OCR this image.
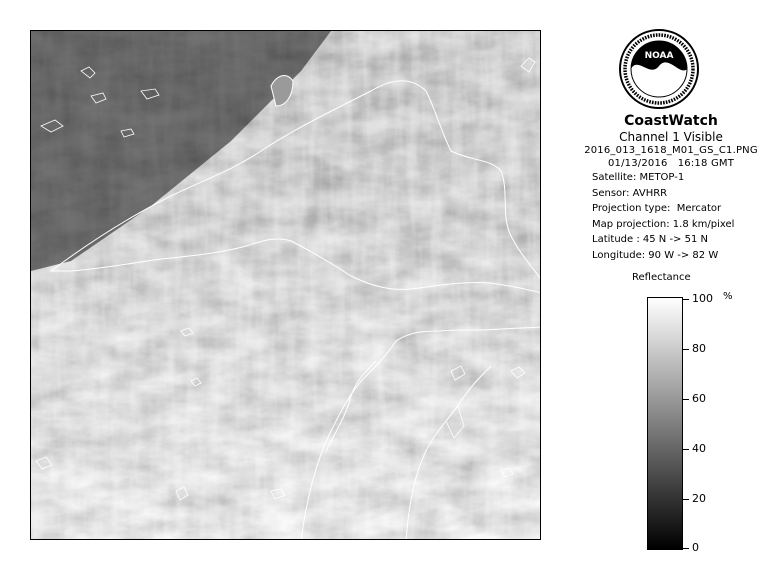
NOAA
CoastWatch
Channel 1 Visible
2016_013_1618_M01_GS_C1.PNG
01/13/2016   16:18 GMT
Satellite: METOP-1
Sensor: AVHRR
Projection type:  Mercator
Map projection: 1.8 km/pixel
Latitude : 45 N -> 51 N
Longitude: 90 W -> 82 W
Reflectance
%
100
80
60
40
20
0
